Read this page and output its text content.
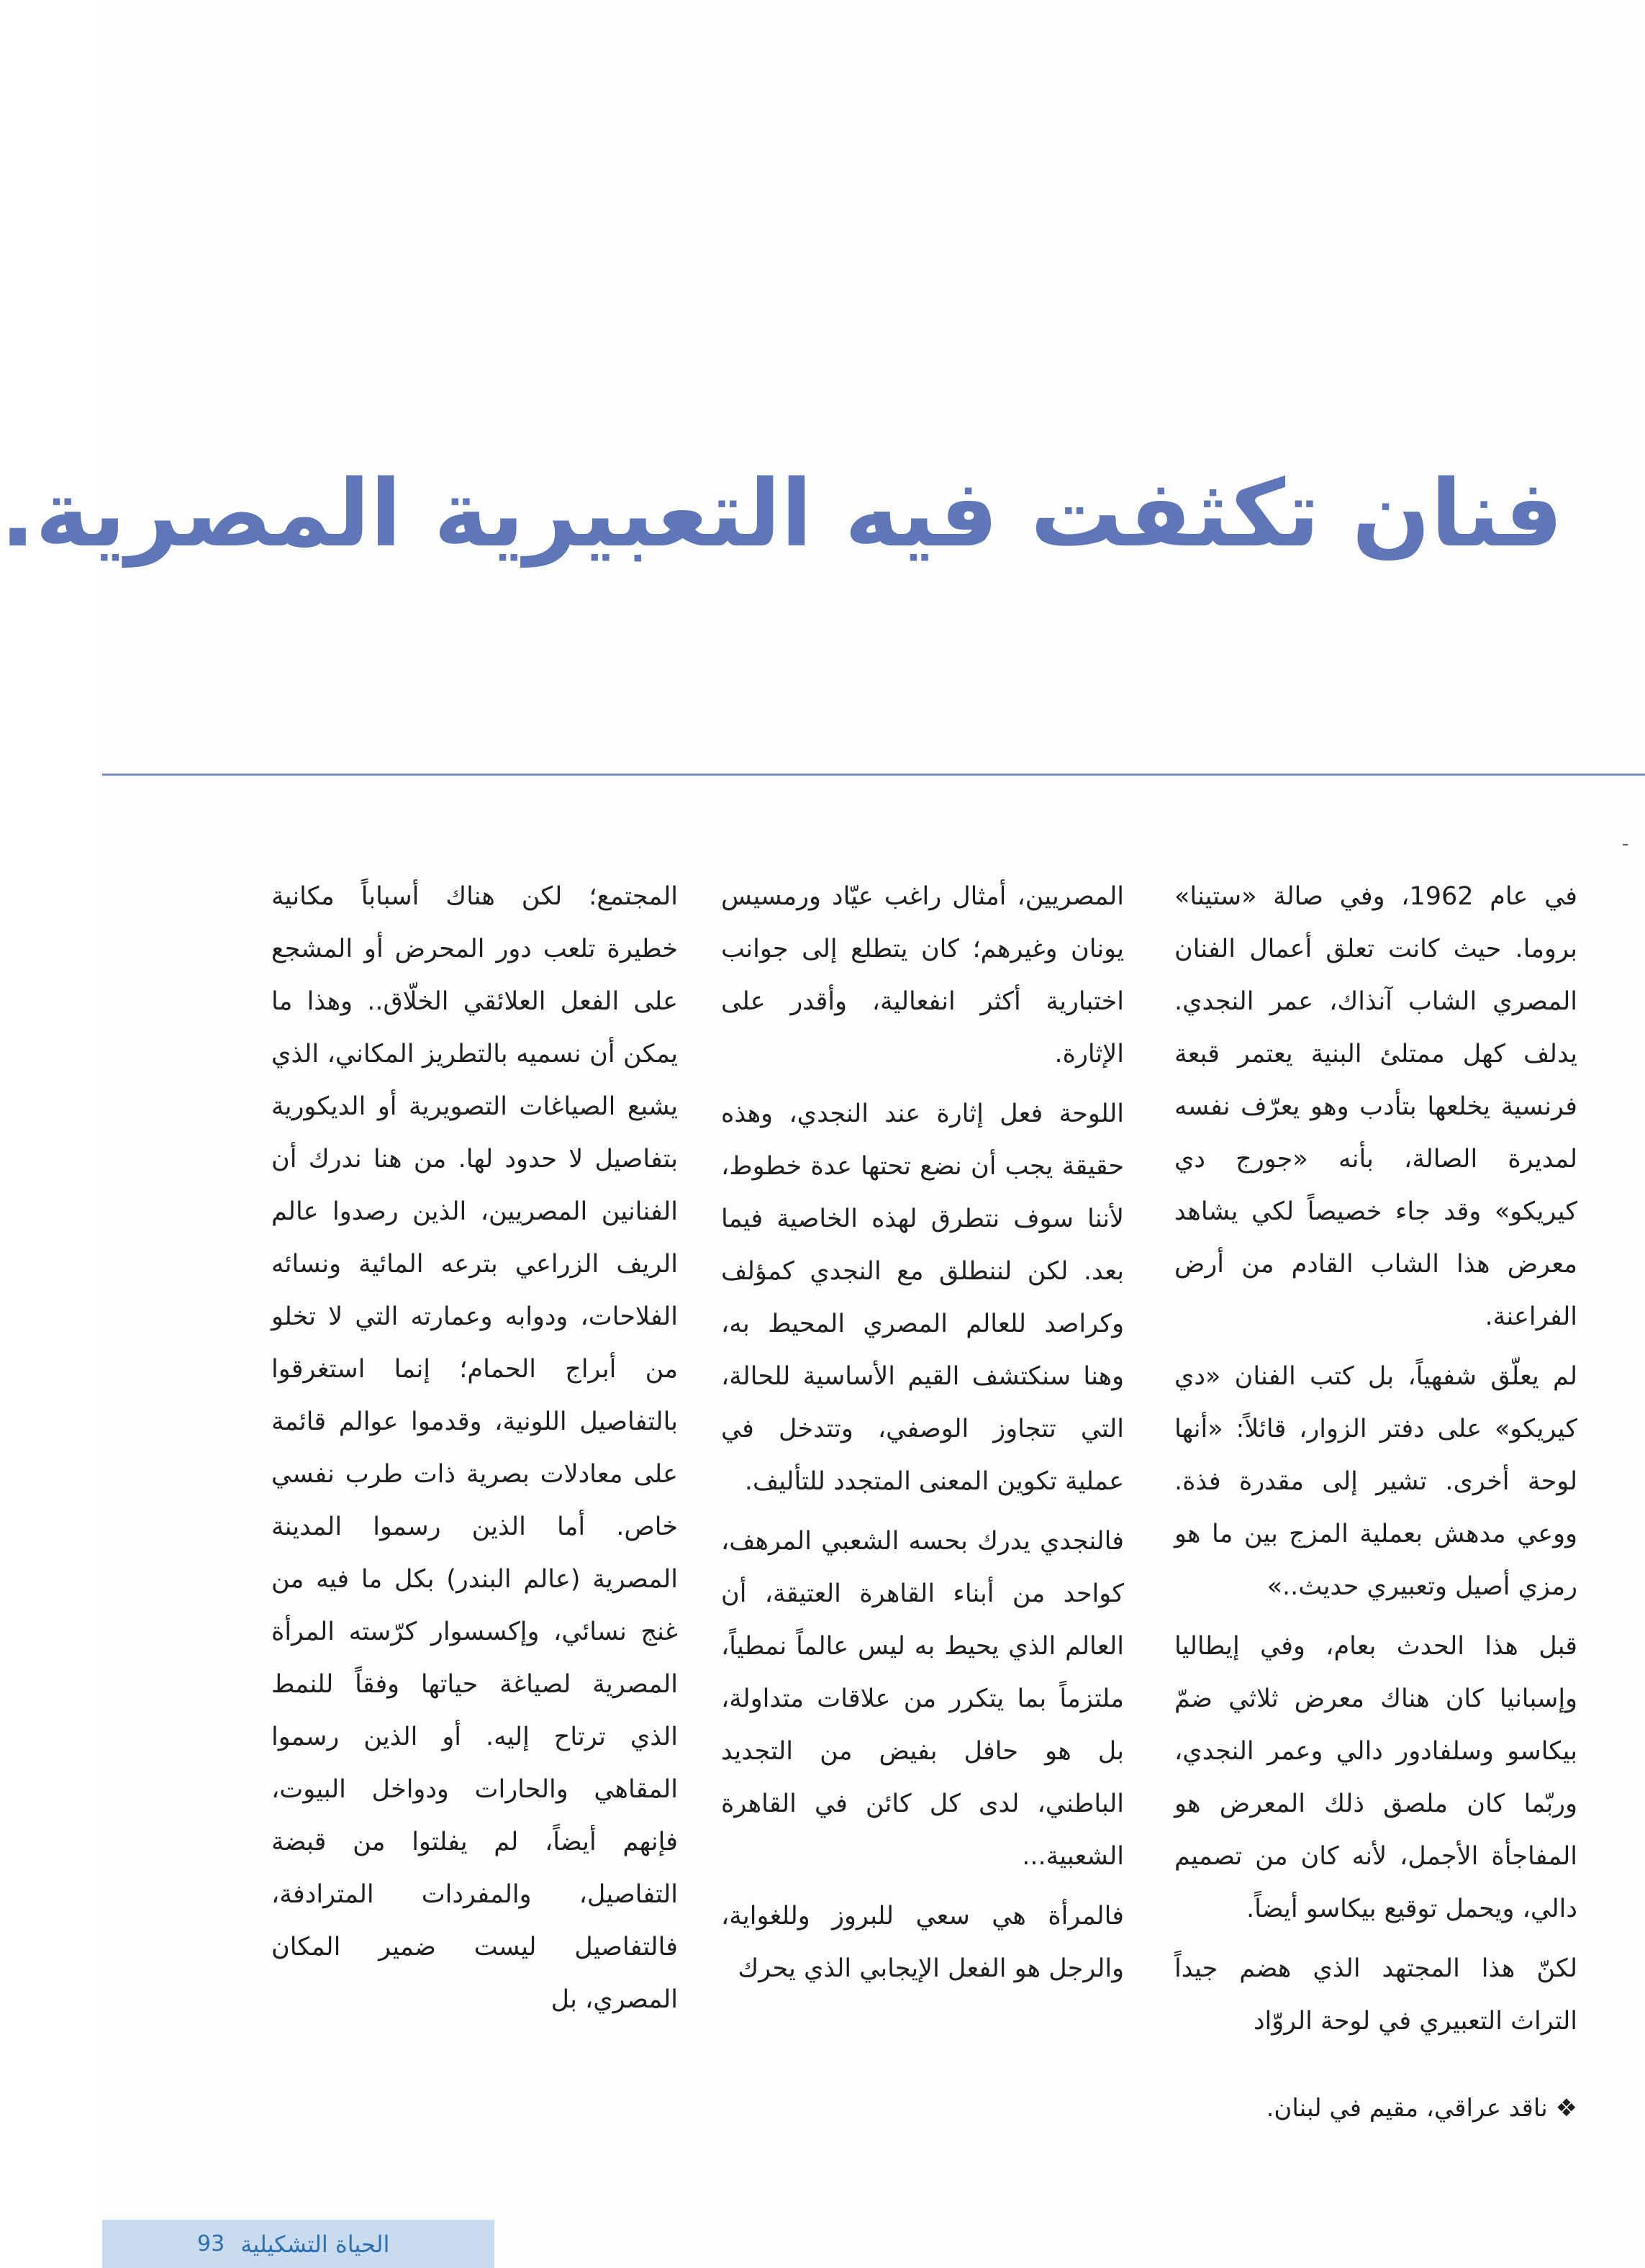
فنان تكثفت فيه التعبيرية المصرية.
-

في عام 1962، وفي صالة «ستينا» بروما. حيث كانت تعلق أعمال الفنان المصري الشاب آنذاك، عمر النجدي. يدلف كهل ممتلئ البنية يعتمر قبعة فرنسية يخلعها بتأدب وهو يعرّف نفسه لمديرة الصالة، بأنه «جورج دي كيريكو» وقد جاء خصيصاً لكي يشاهد معرض هذا الشاب القادم من أرض الفراعنة.

لم يعلّق شفهياً، بل كتب الفنان «دي كيريكو» على دفتر الزوار، قائلاً: «أنها لوحة أخرى. تشير إلى مقدرة فذة. ووعي مدهش بعملية المزج بين ما هو رمزي أصيل وتعبيري حديث..»

قبل هذا الحدث بعام، وفي إيطاليا وإسبانيا كان هناك معرض ثلاثي ضمّ بيكاسو وسلفادور دالي وعمر النجدي، وربّما كان ملصق ذلك المعرض هو المفاجأة الأجمل، لأنه كان من تصميم دالي، ويحمل توقيع بيكاسو أيضاً.

لكنّ هذا المجتهد الذي هضم جيداً التراث التعبيري في لوحة الروّاد

المصريين، أمثال راغب عيّاد ورمسيس يونان وغيرهم؛ كان يتطلع إلى جوانب اختبارية أكثر انفعالية، وأقدر على الإثارة.

اللوحة فعل إثارة عند النجدي، وهذه حقيقة يجب أن نضع تحتها عدة خطوط، لأننا سوف نتطرق لهذه الخاصية فيما بعد. لكن لننطلق مع النجدي كمؤلف وكراصد للعالم المصري المحيط به، وهنا سنكتشف القيم الأساسية للحالة، التي تتجاوز الوصفي، وتتدخل في عملية تكوين المعنى المتجدد للتأليف.

فالنجدي يدرك بحسه الشعبي المرهف، كواحد من أبناء القاهرة العتيقة، أن العالم الذي يحيط به ليس عالماً نمطياً، ملتزماً بما يتكرر من علاقات متداولة، بل هو حافل بفيض من التجديد الباطني، لدى كل كائن في القاهرة الشعبية...

فالمرأة هي سعي للبروز وللغواية، والرجل هو الفعل الإيجابي الذي يحرك

المجتمع؛ لكن هناك أسباباً مكانية خطيرة تلعب دور المحرض أو المشجع على الفعل العلائقي الخلّاق.. وهذا ما يمكن أن نسميه بالتطريز المكاني، الذي يشبع الصياغات التصويرية أو الديكورية بتفاصيل لا حدود لها. من هنا ندرك أن الفنانين المصريين، الذين رصدوا عالم الريف الزراعي بترعه المائية ونسائه الفلاحات، ودوابه وعمارته التي لا تخلو من أبراج الحمام؛ إنما استغرقوا بالتفاصيل اللونية، وقدموا عوالم قائمة على معادلات بصرية ذات طرب نفسي خاص. أما الذين رسموا المدينة المصرية (عالم البندر) بكل ما فيه من غنج نسائي، وإكسسوار كرّسته المرأة المصرية لصياغة حياتها وفقاً للنمط الذي ترتاح إليه. أو الذين رسموا المقاهي والحارات ودواخل البيوت، فإنهم أيضاً، لم يفلتوا من قبضة التفاصيل، والمفردات المترادفة، فالتفاصيل ليست ضمير المكان المصري، بل

❖ ناقد عراقي، مقيم في لبنان.
الحياة التشكيلية
93
